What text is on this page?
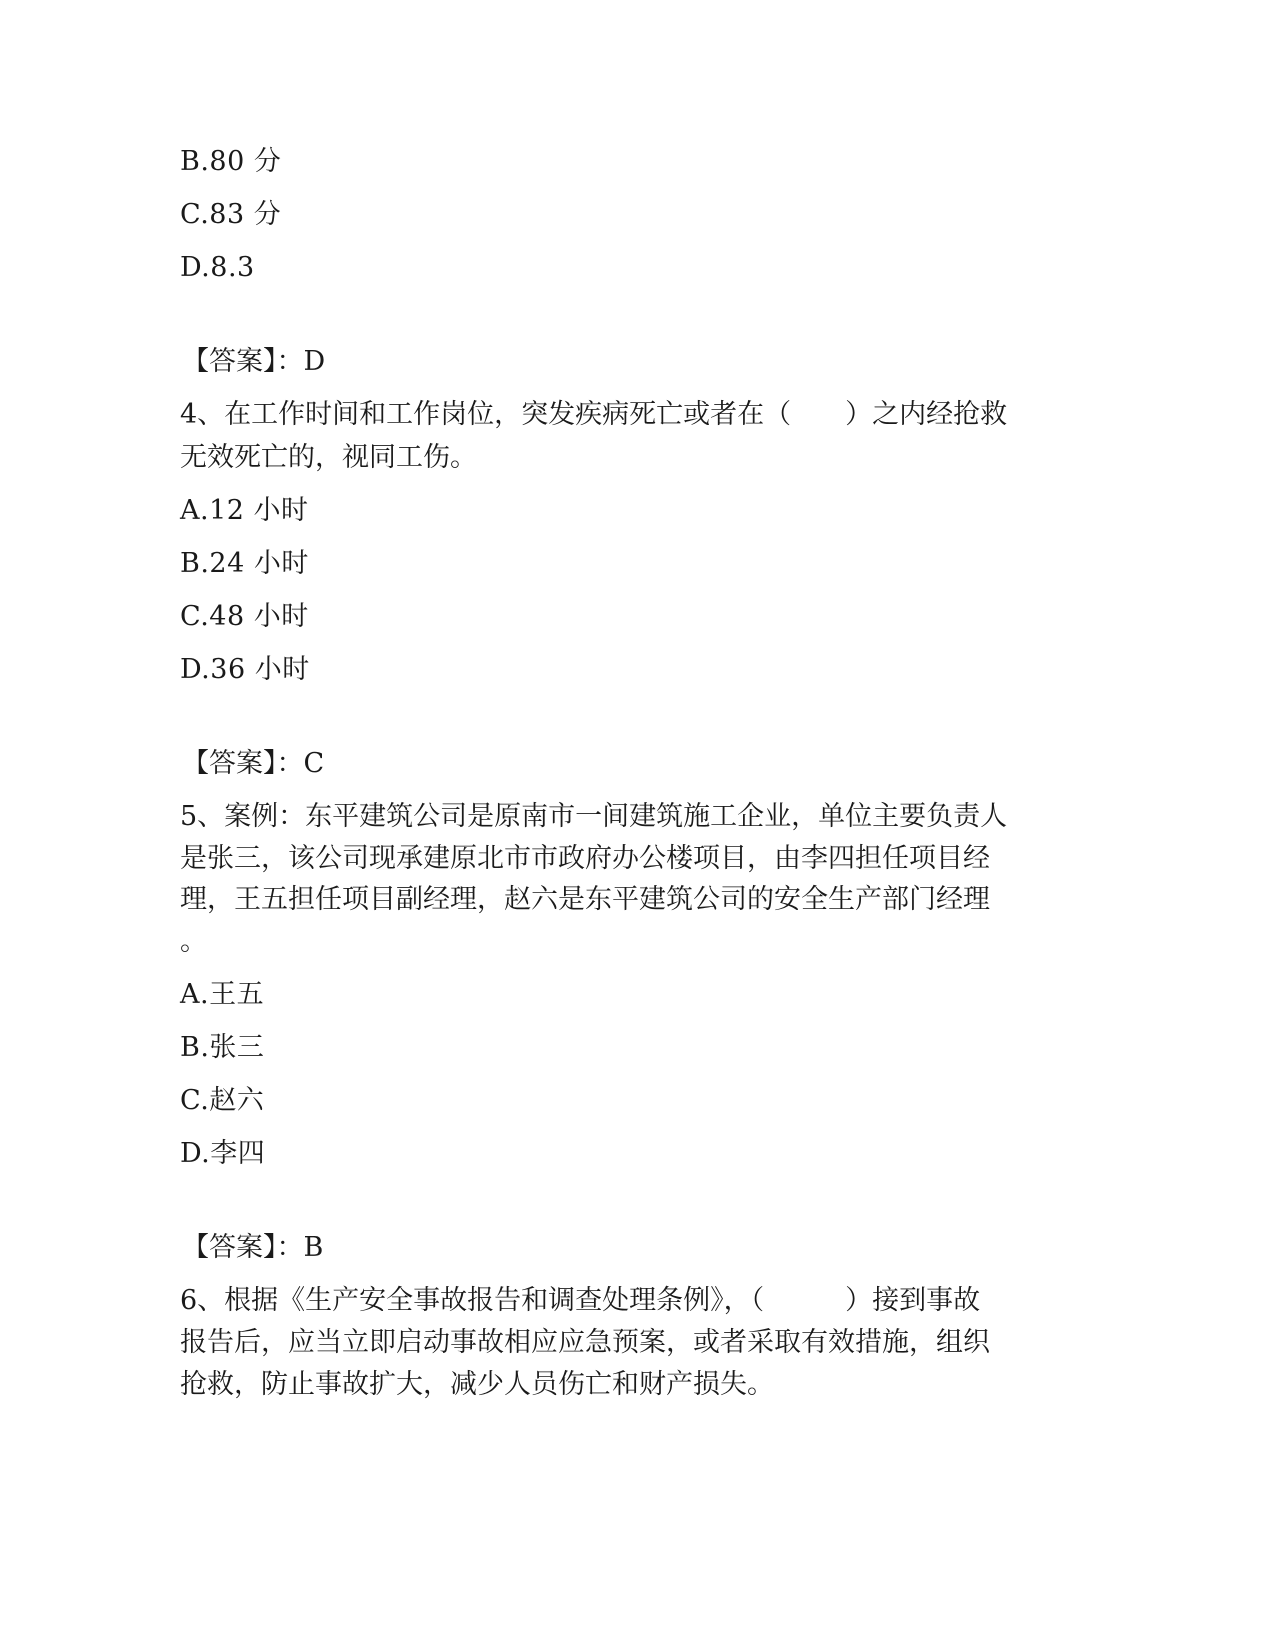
B.80 分
C.83 分
D.8.3
【答案】：D
4、在工作时间和工作岗位，突发疾病死亡或者在（　　）之内经抢救
无效死亡的，视同工伤。
A.12 小时
B.24 小时
C.48 小时
D.36 小时
【答案】：C
5、案例：东平建筑公司是原南市一间建筑施工企业，单位主要负责人
是张三，该公司现承建原北市市政府办公楼项目，由李四担任项目经
理，王五担任项目副经理，赵六是东平建筑公司的安全生产部门经理
。
A.王五
B.张三
C.赵六
D.李四
【答案】：B
6、根据《生产安全事故报告和调查处理条例》，（　　　）接到事故
报告后，应当立即启动事故相应应急预案，或者采取有效措施，组织
抢救，防止事故扩大，减少人员伤亡和财产损失。
